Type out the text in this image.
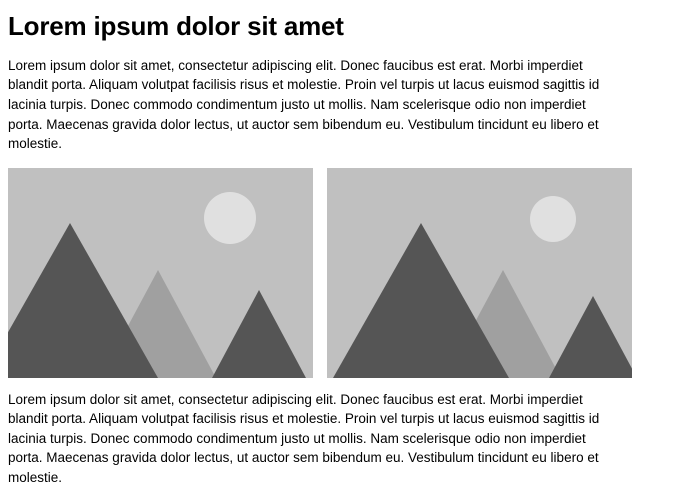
Lorem ipsum dolor sit amet

Lorem ipsum dolor sit amet, consectetur adipiscing elit. Donec faucibus est erat. Morbi imperdiet blandit porta. Aliquam volutpat facilisis risus et molestie. Proin vel turpis ut lacus euismod sagittis id lacinia turpis. Donec commodo condimentum justo ut mollis. Nam scelerisque odio non imperdiet porta. Maecenas gravida dolor lectus, ut auctor sem bibendum eu. Vestibulum tincidunt eu libero et molestie.

Lorem ipsum dolor sit amet, consectetur adipiscing elit. Donec faucibus est erat. Morbi imperdiet blandit porta. Aliquam volutpat facilisis risus et molestie. Proin vel turpis ut lacus euismod sagittis id lacinia turpis. Donec commodo condimentum justo ut mollis. Nam scelerisque odio non imperdiet porta. Maecenas gravida dolor lectus, ut auctor sem bibendum eu. Vestibulum tincidunt eu libero et molestie.
